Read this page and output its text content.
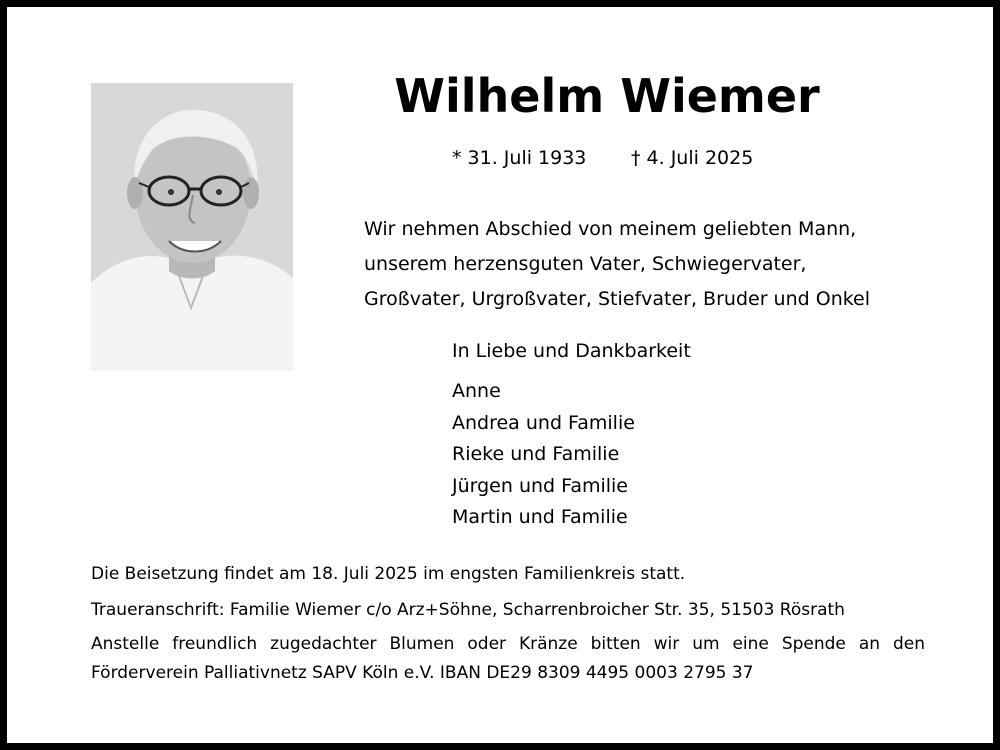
Wilhelm Wiemer
* 31. Juli 1933 † 4. Juli 2025
Wir nehmen Abschied von meinem geliebten Mann,
unserem herzensguten Vater, Schwiegervater,
Großvater, Urgroßvater, Stiefvater, Bruder und Onkel
In Liebe und Dankbarkeit
Anne
Andrea und Familie
Rieke und Familie
Jürgen und Familie
Martin und Familie
Die Beisetzung findet am 18. Juli 2025 im engsten Familienkreis statt.
Traueranschrift: Familie Wiemer c/o Arz+Söhne, Scharrenbroicher Str. 35, 51503 Rösrath
Anstelle freundlich zugedachter Blumen oder Kränze bitten wir um eine Spende an den
Förderverein Palliativnetz SAPV Köln e.V. IBAN DE29 8309 4495 0003 2795 37
